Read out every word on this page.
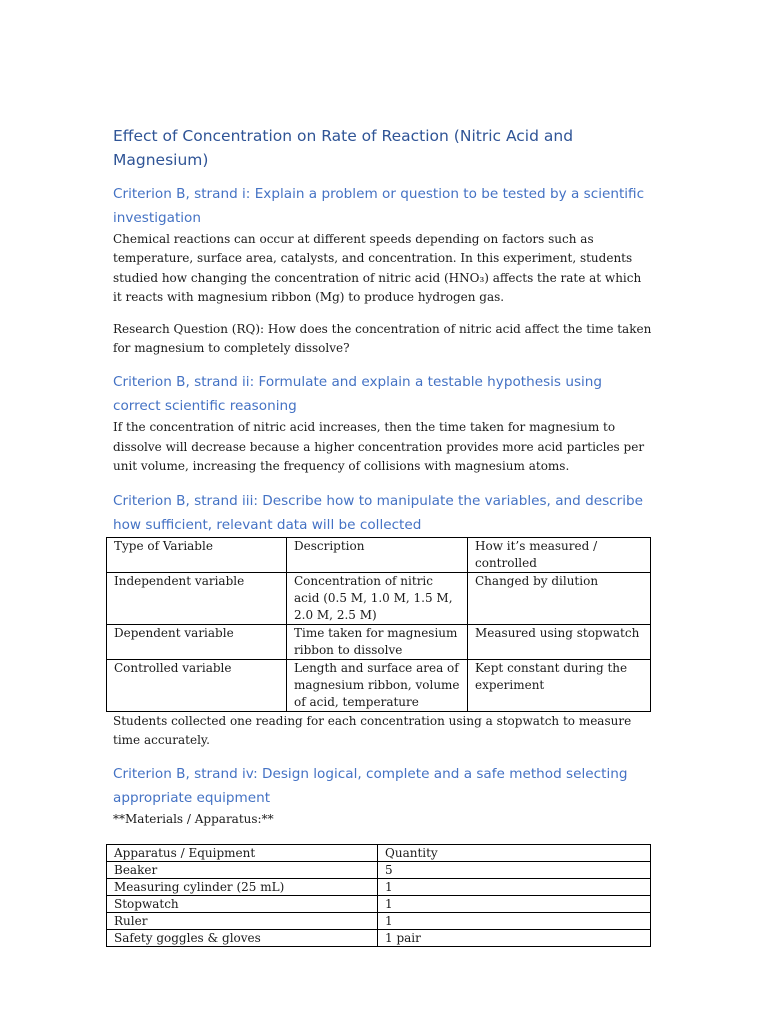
Effect of Concentration on Rate of Reaction (Nitric Acid and Magnesium)
Criterion B, strand i: Explain a problem or question to be tested by a scientific investigation

Chemical reactions can occur at different speeds depending on factors such as temperature, surface area, catalysts, and concentration. In this experiment, students studied how changing the concentration of nitric acid (HNO₃) affects the rate at which it reacts with magnesium ribbon (Mg) to produce hydrogen gas.

Research Question (RQ): How does the concentration of nitric acid affect the time taken for magnesium to completely dissolve?

Criterion B, strand ii: Formulate and explain a testable hypothesis using correct scientific reasoning

If the concentration of nitric acid increases, then the time taken for magnesium to dissolve will decrease because a higher concentration provides more acid particles per unit volume, increasing the frequency of collisions with magnesium atoms.

Criterion B, strand iii: Describe how to manipulate the variables, and describe how sufficient, relevant data will be collected
Type of Variable	Description	How it’s measured / controlled
Independent variable	Concentration of nitric acid (0.5 M, 1.0 M, 1.5 M, 2.0 M, 2.5 M)	Changed by dilution
Dependent variable	Time taken for magnesium ribbon to dissolve	Measured using stopwatch
Controlled variable	Length and surface area of magnesium ribbon, volume of acid, temperature	Kept constant during the experiment

Students collected one reading for each concentration using a stopwatch to measure time accurately.

Criterion B, strand iv: Design logical, complete and a safe method selecting appropriate equipment

**Materials / Apparatus:**

Apparatus / Equipment	Quantity
Beaker	5
Measuring cylinder (25 mL)	1
Stopwatch	1
Ruler	1
Safety goggles & gloves	1 pair
